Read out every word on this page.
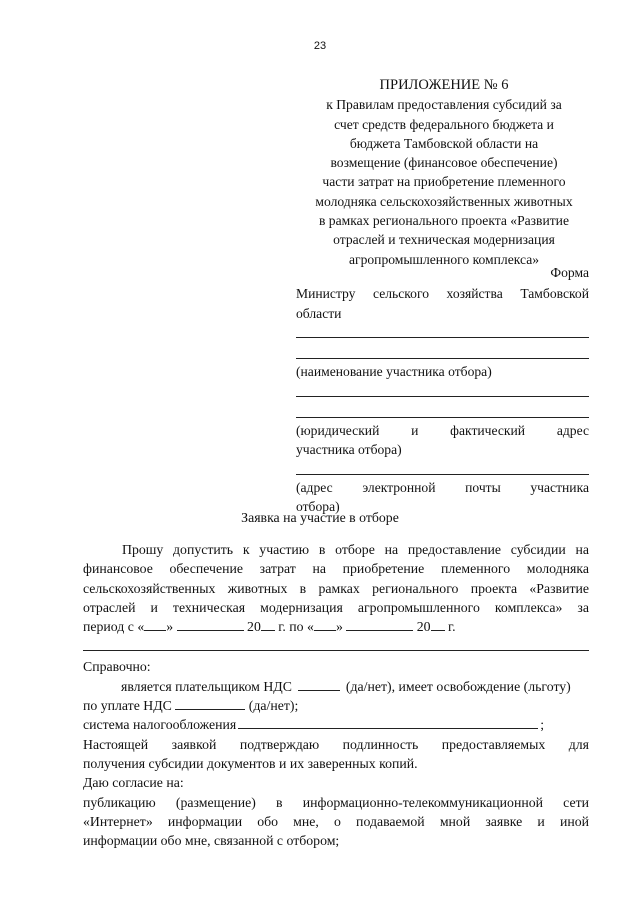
23
ПРИЛОЖЕНИЕ № 6
к Правилам предоставления субсидий за
счет средств федерального бюджета и
бюджета Тамбовской области на
возмещение (финансовое обеспечение)
части затрат на приобретение племенного
молодняка сельскохозяйственных животных
в рамках регионального проекта «Развитие
отраслей и техническая модернизация
агропромышленного комплекса»
Форма
Министру сельского хозяйства Тамбовской
области
(наименование участника отбора)
(юридический и фактический адрес
участника отбора)
(адрес электронной почты участника
отбора)
Заявка на участие в отборе
Прошу допустить к участию в отборе на предоставление субсидии на
финансовое обеспечение затрат на приобретение племенного молодняка
сельскохозяйственных животных в рамках регионального проекта «Развитие
отраслей и техническая модернизация агропромышленного комплекса» за
период с « »	20 г. по « »	20 г.
Справочно:
является плательщиком НДС	(да/нет), имеет освобождение (льготу)
по уплате НДС	(да/нет);
система налогообложения	;
Настоящей заявкой подтверждаю подлинность предоставляемых для
получения субсидии документов и их заверенных копий.
Даю согласие на:
публикацию (размещение) в информационно-телекоммуникационной сети
«Интернет» информации обо мне, о подаваемой мной заявке и иной
информации обо мне, связанной с отбором;
